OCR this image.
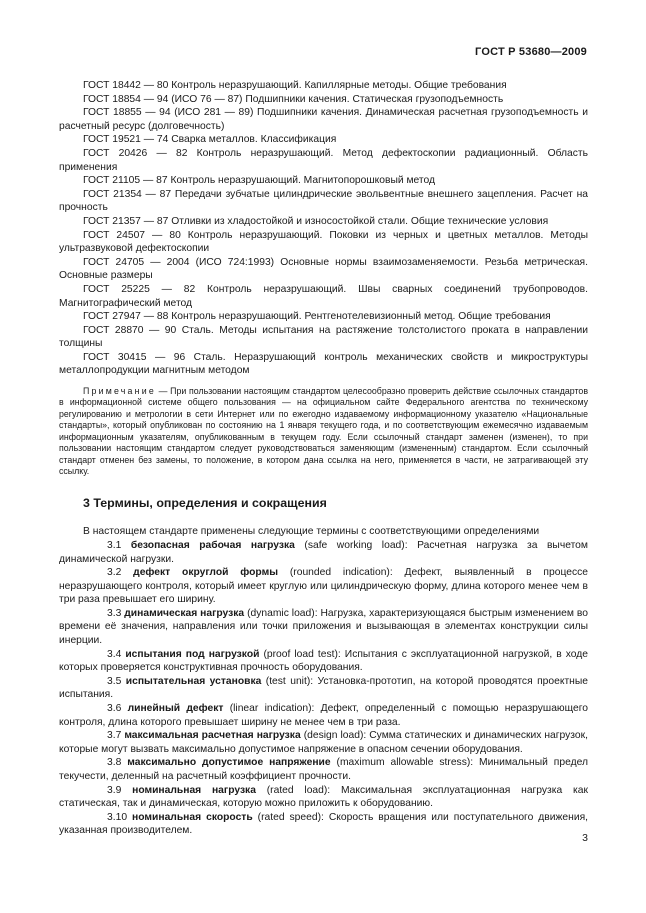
ГОСТ Р 53680—2009

ГОСТ 18442 — 80 Контроль неразрушающий. Капиллярные методы. Общие требования

ГОСТ 18854 — 94 (ИСО 76 — 87) Подшипники качения. Статическая грузоподъемность

ГОСТ 18855 — 94 (ИСО 281 — 89) Подшипники качения. Динамическая расчетная грузоподъемность и расчетный ресурс (долговечность)

ГОСТ 19521 — 74 Сварка металлов. Классификация

ГОСТ 20426 — 82 Контроль неразрушающий. Метод дефектоскопии радиационный. Область применения

ГОСТ 21105 — 87 Контроль неразрушающий. Магнитопорошковый метод

ГОСТ 21354 — 87 Передачи зубчатые цилиндрические эвольвентные внешнего зацепления. Расчет на прочность

ГОСТ 21357 — 87 Отливки из хладостойкой и износостойкой стали. Общие технические условия

ГОСТ 24507 — 80 Контроль неразрушающий. Поковки из черных и цветных металлов. Методы ультразвуковой дефектоскопии

ГОСТ 24705 — 2004 (ИСО 724:1993) Основные нормы взаимозаменяемости. Резьба метрическая. Основные размеры

ГОСТ 25225 — 82 Контроль неразрушающий. Швы сварных соединений трубопроводов. Магнитографический метод

ГОСТ 27947 — 88 Контроль неразрушающий. Рентгенотелевизионный метод. Общие требования

ГОСТ 28870 — 90 Сталь. Методы испытания на растяжение толстолистого проката в направлении толщины

ГОСТ 30415 — 96 Сталь. Неразрушающий контроль механических свойств и микроструктуры металлопродукции магнитным методом

Примечание — При пользовании настоящим стандартом целесообразно проверить действие ссылочных стандартов в информационной системе общего пользования — на официальном сайте Федерального агентства по техническому регулированию и метрологии в сети Интернет или по ежегодно издаваемому информационному указателю «Национальные стандарты», который опубликован по состоянию на 1 января текущего года, и по соответствующим ежемесячно издаваемым информационным указателям, опубликованным в текущем году. Если ссылочный стандарт заменен (изменен), то при пользовании настоящим стандартом следует руководствоваться заменяющим (измененным) стандартом. Если ссылочный стандарт отменен без замены, то положение, в котором дана ссылка на него, применяется в части, не затрагивающей эту ссылку.

3 Термины, определения и сокращения

В настоящем стандарте применены следующие термины с соответствующими определениями

3.1 безопасная рабочая нагрузка (safe working load): Расчетная нагрузка за вычетом динамической нагрузки.

3.2 дефект округлой формы (rounded indication): Дефект, выявленный в процессе неразрушающего контроля, который имеет круглую или цилиндрическую форму, длина которого менее чем в три раза превышает его ширину.

3.3 динамическая нагрузка (dynamic load): Нагрузка, характеризующаяся быстрым изменением во времени её значения, направления или точки приложения и вызывающая в элементах конструкции силы инерции.

3.4 испытания под нагрузкой (proof load test): Испытания с эксплуатационной нагрузкой, в ходе которых проверяется конструктивная прочность оборудования.

3.5 испытательная установка (test unit): Установка-прототип, на которой проводятся проектные испытания.

3.6 линейный дефект (linear indication): Дефект, определенный с помощью неразрушающего контроля, длина которого превышает ширину не менее чем в три раза.

3.7 максимальная расчетная нагрузка (design load): Сумма статических и динамических нагрузок, которые могут вызвать максимально допустимое напряжение в опасном сечении оборудования.

3.8 максимально допустимое напряжение (maximum allowable stress): Минимальный предел текучести, деленный на расчетный коэффициент прочности.

3.9 номинальная нагрузка (rated load): Максимальная эксплуатационная нагрузка как статическая, так и динамическая, которую можно приложить к оборудованию.

3.10 номинальная скорость (rated speed): Скорость вращения или поступательного движения, указанная производителем.

3
